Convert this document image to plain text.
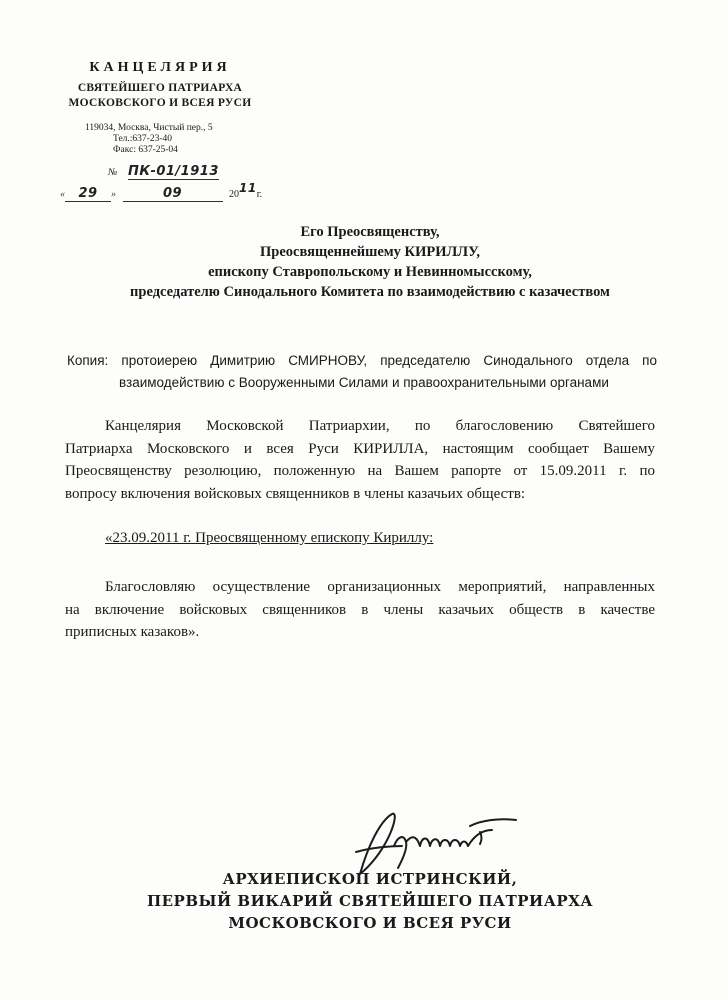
КАНЦЕЛЯРИЯ
СВЯТЕЙШЕГО ПАТРИАРХА
МОСКОВСКОГО И ВСЕЯ РУСИ
119034, Москва, Чистый пер., 5
Тел.:637-23-40
Факс: 637-25-04
№ ПК-01/1913
« 29 »	09	2011г.
Его Преосвященству,
Преосвященнейшему КИРИЛЛУ,
епископу Ставропольскому и Невинномысскому,
председателю Синодального Комитета по взаимодействию с казачеством
Копия: протоиерею Димитрию СМИРНОВУ, председателю Синодального отдела по
взаимодействию с Вооруженными Силами и правоохранительными органами
Канцелярия Московской Патриархии, по благословению Святейшего
Патриарха Московского и всея Руси КИРИЛЛА, настоящим сообщает Вашему
Преосвященству резолюцию, положенную на Вашем рапорте от 15.09.2011 г. по
вопросу включения войсковых священников в члены казачьих обществ:
«23.09.2011 г. Преосвященному епископу Кириллу:
Благословляю осуществление организационных мероприятий, направленных
на включение войсковых священников в члены казачьих обществ в качестве
приписных казаков».
АРХИЕПИСКОП ИСТРИНСКИЙ,
ПЕРВЫЙ ВИКАРИЙ СВЯТЕЙШЕГО ПАТРИАРХА
МОСКОВСКОГО И ВСЕЯ РУСИ
